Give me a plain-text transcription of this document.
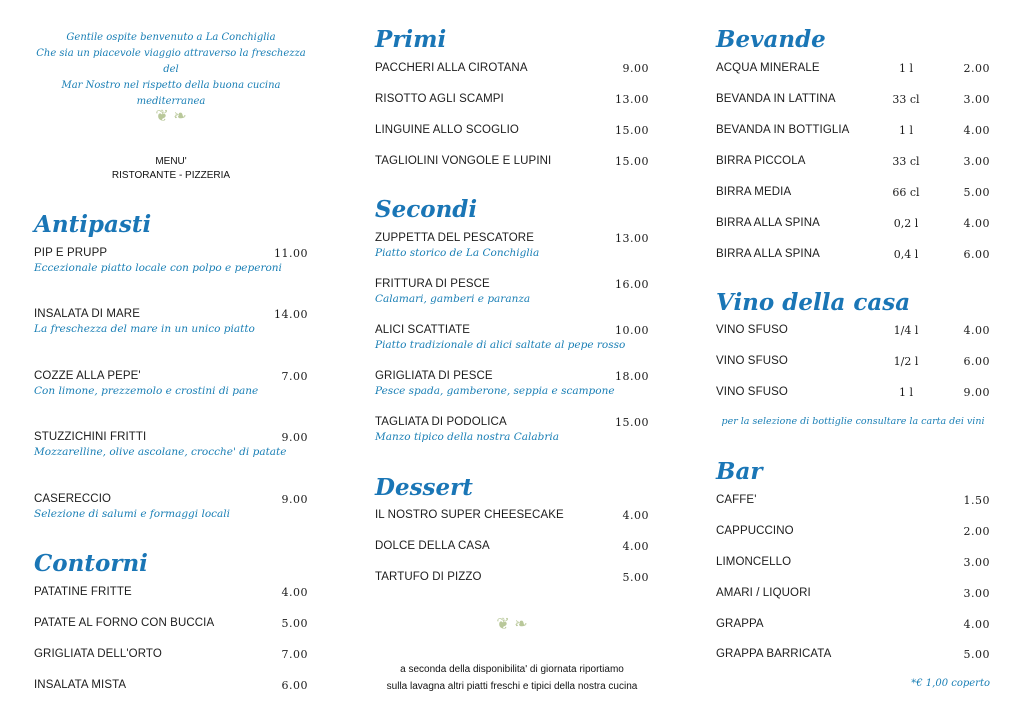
Gentile ospite benvenuto a La Conchiglia
Che sia un piacevole viaggio attraverso la freschezza del
Mar Nostro nel rispetto della buona cucina mediterranea
❦ ❧
MENU'
RISTORANTE - PIZZERIA
Antipasti
PIP E PRUPP	11.00
Eccezionale piatto locale con polpo e peperoni
INSALATA DI MARE	14.00
La freschezza del mare in un unico piatto
COZZE ALLA PEPE'	7.00
Con limone, prezzemolo e crostini di pane
STUZZICHINI FRITTI	9.00
Mozzarelline, olive ascolane, crocche' di patate
CASERECCIO	9.00
Selezione di salumi e formaggi locali
Contorni
PATATINE FRITTE	4.00
PATATE AL FORNO CON BUCCIA	5.00
GRIGLIATA DELL'ORTO	7.00
INSALATA MISTA	6.00
Primi
PACCHERI ALLA CIROTANA	9.00
RISOTTO AGLI SCAMPI	13.00
LINGUINE ALLO SCOGLIO	15.00
TAGLIOLINI VONGOLE E LUPINI	15.00
Secondi
ZUPPETTA DEL PESCATORE	13.00
Piatto storico de La Conchiglia
FRITTURA DI PESCE	16.00
Calamari, gamberi e paranza
ALICI SCATTIATE	10.00
Piatto tradizionale di alici saltate al pepe rosso
GRIGLIATA DI PESCE	18.00
Pesce spada, gamberone, seppia e scampone
TAGLIATA DI PODOLICA	15.00
Manzo tipico della nostra Calabria
Dessert
IL NOSTRO SUPER CHEESECAKE	4.00
DOLCE DELLA CASA	4.00
TARTUFO DI PIZZO	5.00
❦ ❧
a seconda della disponibilita' di giornata riportiamo
sulla lavagna altri piatti freschi e tipici della nostra cucina
Bevande
ACQUA MINERALE	1 l	2.00
BEVANDA IN LATTINA	33 cl	3.00
BEVANDA IN BOTTIGLIA	1 l	4.00
BIRRA PICCOLA	33 cl	3.00
BIRRA MEDIA	66 cl	5.00
BIRRA ALLA SPINA	0,2 l	4.00
BIRRA ALLA SPINA	0,4 l	6.00
Vino della casa
VINO SFUSO	1/4 l	4.00
VINO SFUSO	1/2 l	6.00
VINO SFUSO	1 l	9.00
per la selezione di bottiglie consultare la carta dei vini
Bar
CAFFE'	1.50
CAPPUCCINO	2.00
LIMONCELLO	3.00
AMARI / LIQUORI	3.00
GRAPPA	4.00
GRAPPA BARRICATA	5.00
*€ 1,00 coperto
